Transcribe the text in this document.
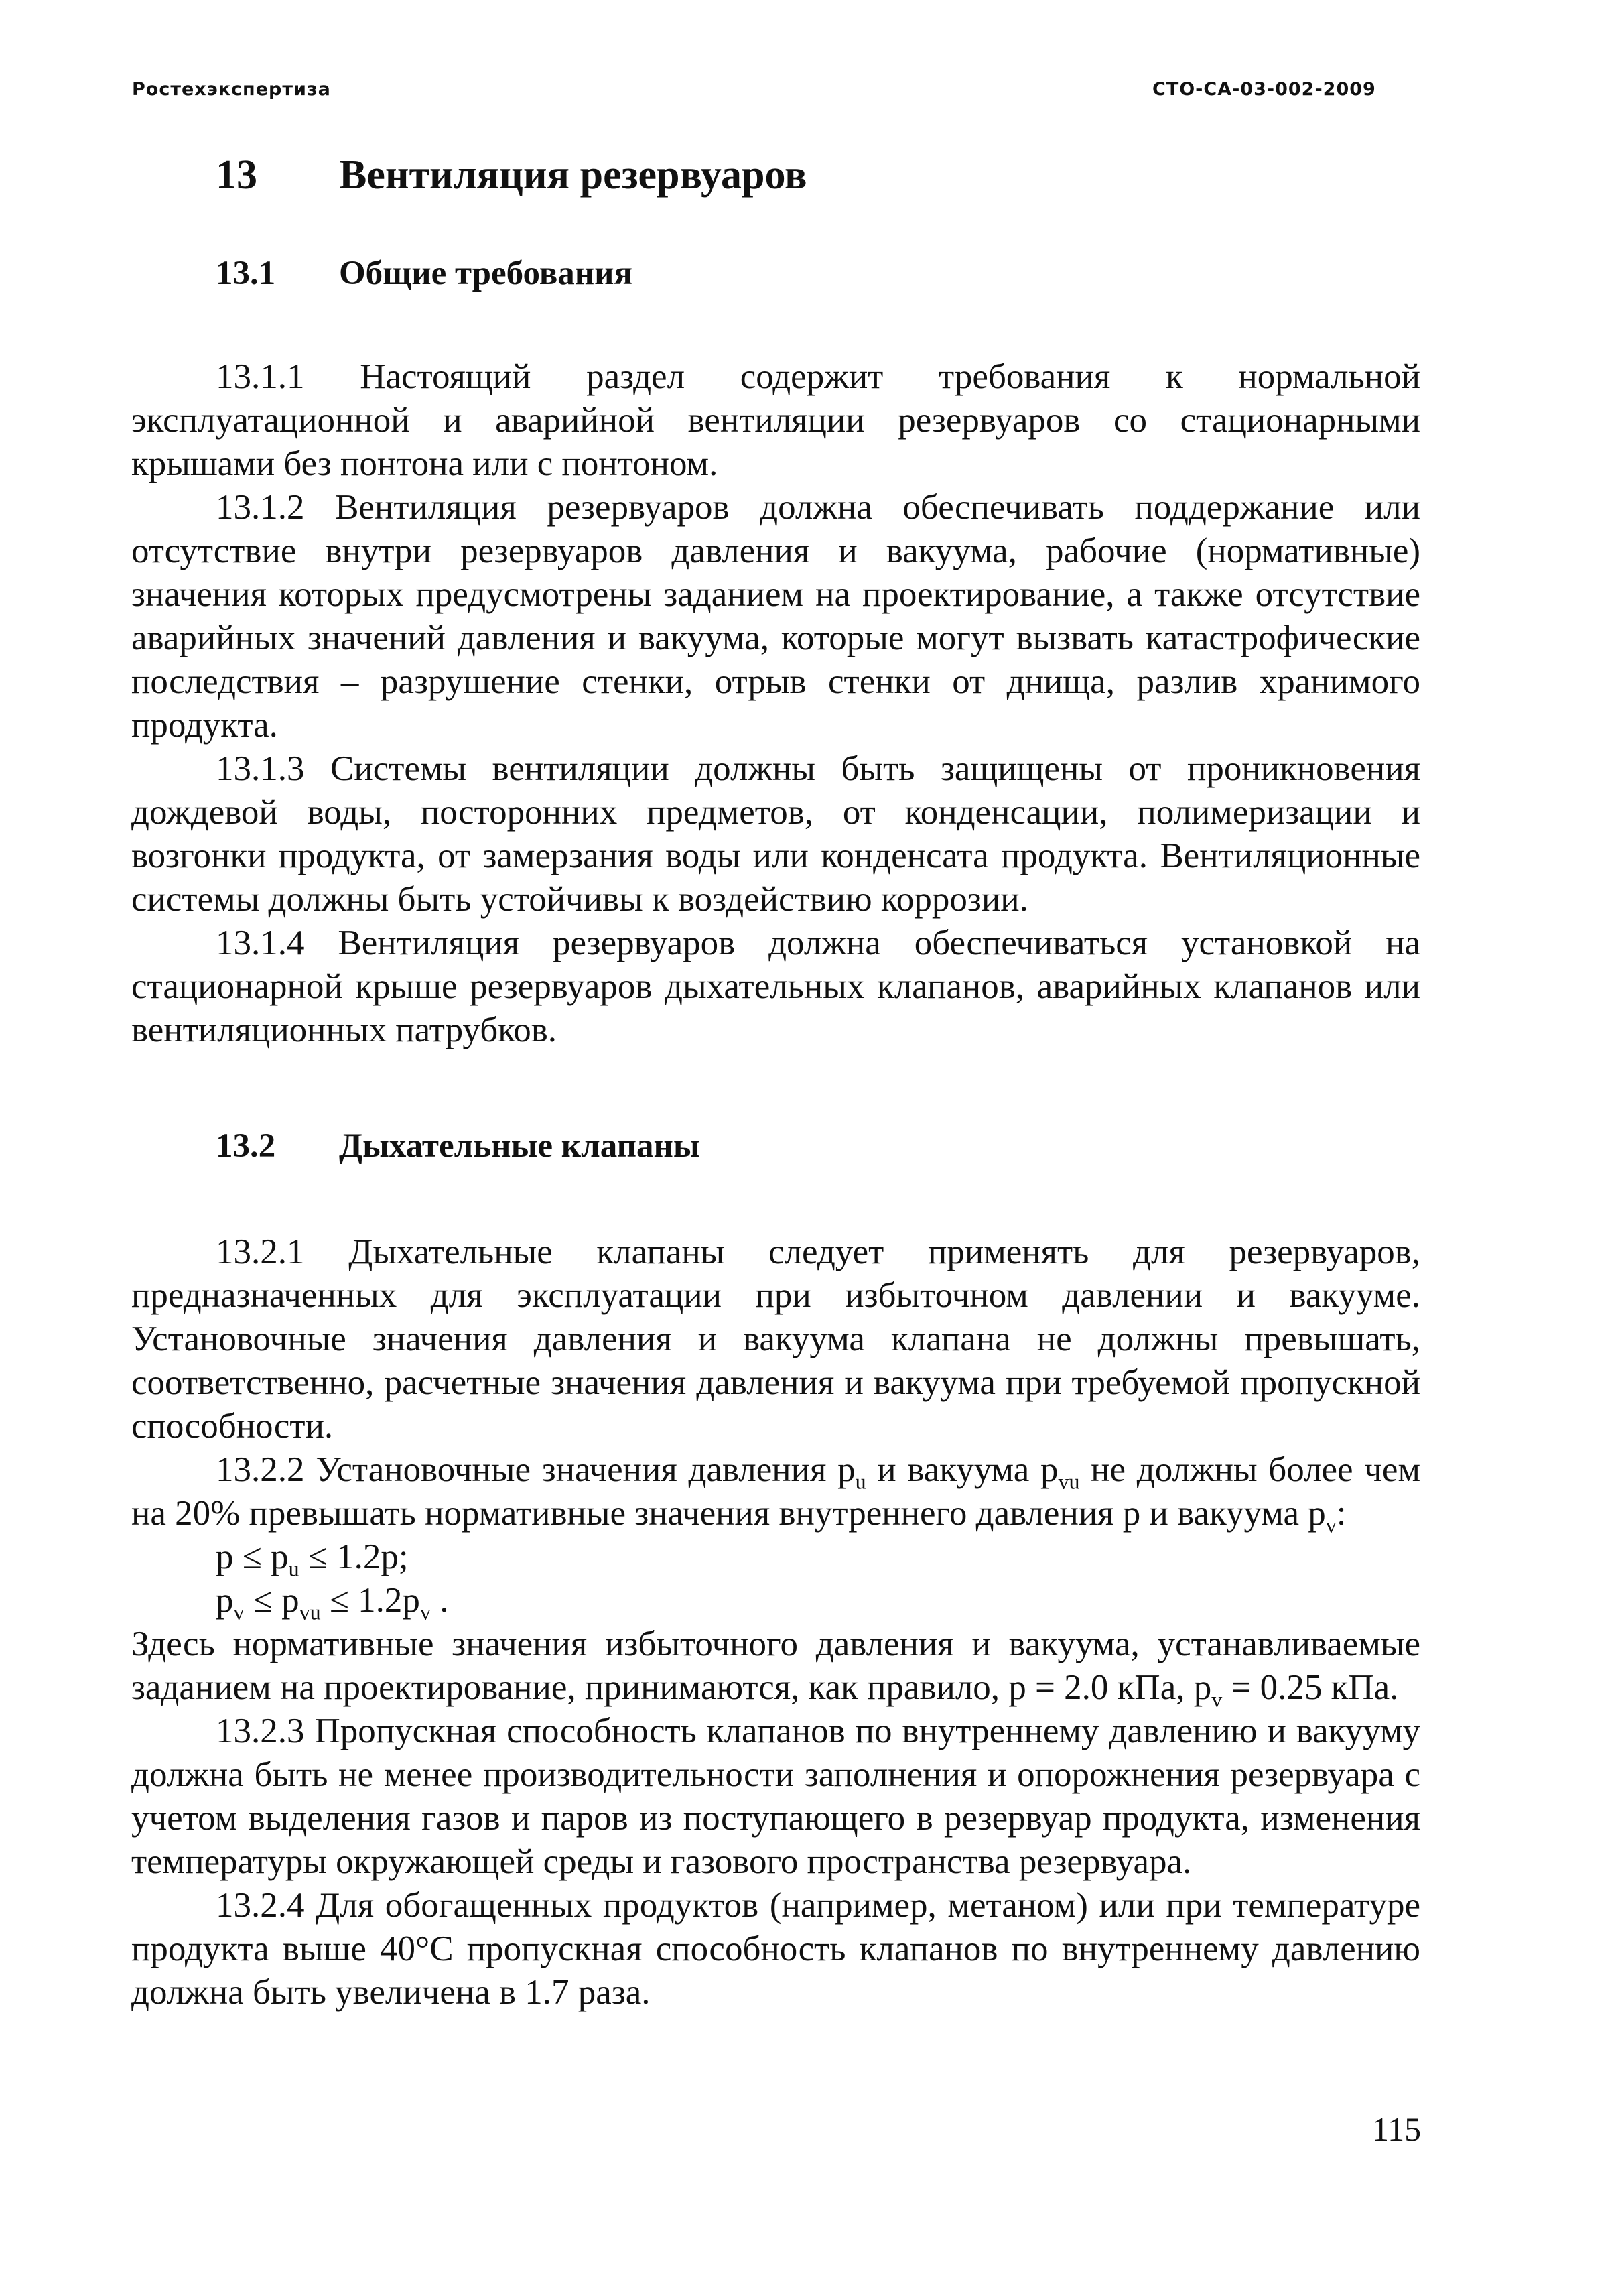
Ростехэкспертиза	СТО-СА-03-002-2009
13	Вентиляция резервуаров
13.1	Общие требования

13.1.1 Настоящий раздел содержит требования к нормальной эксплуатационной и аварийной вентиляции резервуаров со стационарными крышами без понтона или с понтоном.

13.1.2 Вентиляция резервуаров должна обеспечивать поддержание или отсутствие внутри резервуаров давления и вакуума, рабочие (нормативные) значения которых предусмотрены заданием на проектирование, а также отсутствие аварийных значений давления и вакуума, которые могут вызвать катастрофические последствия – разрушение стенки, отрыв стенки от днища, разлив хранимого продукта.

13.1.3 Системы вентиляции должны быть защищены от проникновения дождевой воды, посторонних предметов, от конденсации, полимеризации и возгонки продукта, от замерзания воды или конденсата продукта. Вентиляционные системы должны быть устойчивы к воздействию коррозии.

13.1.4 Вентиляция резервуаров должна обеспечиваться установкой на стационарной крыше резервуаров дыхательных клапанов, аварийных клапанов или вентиляционных патрубков.

13.2	Дыхательные клапаны

13.2.1 Дыхательные клапаны следует применять для резервуаров, предназначенных для эксплуатации при избыточном давлении и вакууме. Установочные значения давления и вакуума клапана не должны превышать, соответственно, расчетные значения давления и вакуума при требуемой пропускной способности.

13.2.2 Установочные значения давления $p_u$ и вакуума $p_{vu}$ не должны более чем на 20% превышать нормативные значения внутреннего давления p и вакуума $p_v$:

$p \le p_u \le 1.2p$;

$p_v \le p_{vu} \le 1.2p_v$ .

Здесь нормативные значения избыточного давления и вакуума, устанавливаемые заданием на проектирование, принимаются, как правило, p = 2.0 кПа, $p_v = 0.25$ кПа.

13.2.3 Пропускная способность клапанов по внутреннему давлению и вакууму должна быть не менее производительности заполнения и опорожнения резервуара с учетом выделения газов и паров из поступающего в резервуар продукта, изменения температуры окружающей среды и газового пространства резервуара.

13.2.4 Для обогащенных продуктов (например, метаном) или при температуре продукта выше 40°С пропускная способность клапанов по внутреннему давлению должна быть увеличена в 1.7 раза.

115
